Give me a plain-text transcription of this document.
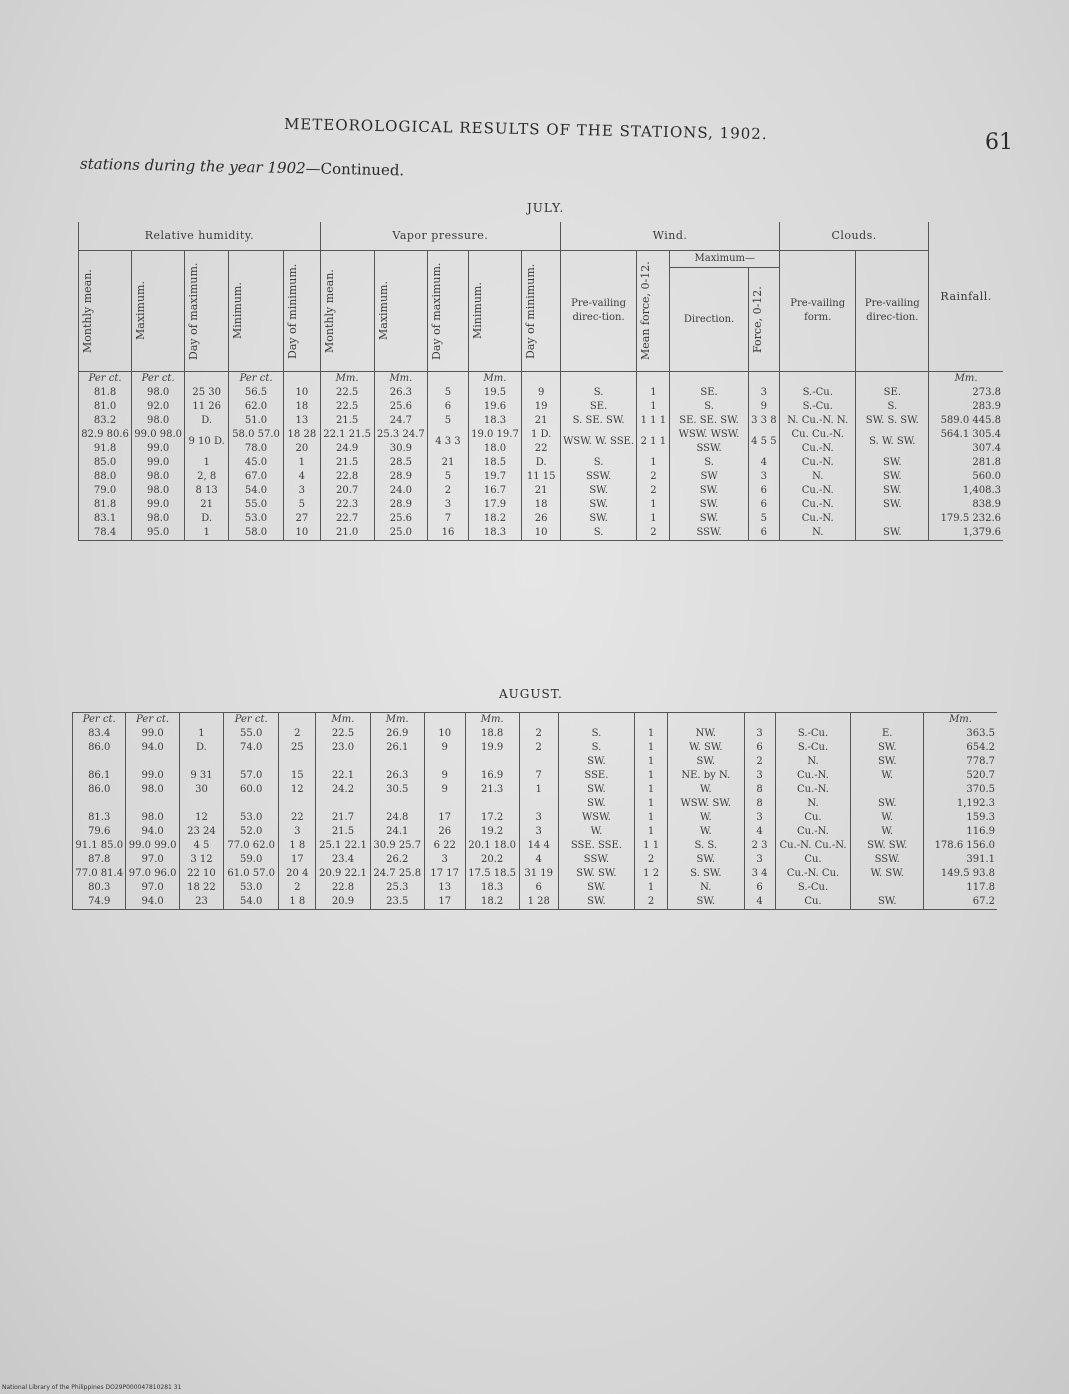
METEOROLOGICAL RESULTS OF THE STATIONS, 1902.	61
stations during the year 1902—Continued.
JULY.
Relative humidity.					Vapor pressure.					Wind.				Clouds.		Rainfall.

Monthly mean.	Maximum.	Day of maximum.	Minimum.	Day of minimum.	Monthly mean.	Maximum.	Day of maximum.	Minimum.	Day of minimum.	Pre-vailing direc-tion.	Mean force, 0-12.	Maximum—		Pre-vailing form.	Pre-vailing direc-tion.	
												Direction.	Force, 0-12.			

Per ct.	Per ct.		Per ct.		Mm.	Mm.		Mm.								Mm.
81.8	98.0	25 30	56.5	10	22.5	26.3	5	19.5	9	S.	1	SE.	3	S.-Cu.	SE.	273.8
81.0	92.0	11 26	62.0	18	22.5	25.6	6	19.6	19	SE.	1	S.	9	S.-Cu.	S.	283.9
83.2	98.0	D.	51.0	13	21.5	24.7	5	18.3	21	S. SE. SW.	1 1 1	SE. SE. SW.	3 3 8	N. Cu.-N. N.	SW. S. SW.	589.0 445.8
82.9 80.6 91.8	99.0 98.0 99.0	9 10 D.	58.0 57.0 78.0	18 28 20	22.1 21.5 24.9	25.3 24.7 30.9	4 3 3	19.0 19.7 18.0	1 D. 22	WSW. W. SSE.	2 1 1	WSW. WSW. SSW.	4 5 5	Cu. Cu.-N. Cu.-N.	S. W. SW.	564.1 305.4 307.4
85.0	99.0	1	45.0	1	21.5	28.5	21	18.5	D.	S.	1	S.	4	Cu.-N.	SW.	281.8
88.0	98.0	2, 8	67.0	4	22.8	28.9	5	19.7	11 15	SSW.	2	SW	3	N.	SW.	560.0
79.0	98.0	8 13	54.0	3	20.7	24.0	2	16.7	21	SW.	2	SW.	6	Cu.-N.	SW.	1,408.3
81.8	99.0	21	55.0	5	22.3	28.9	3	17.9	18	SW.	1	SW.	6	Cu.-N.	SW.	838.9
83.1	98.0	D.	53.0	27	22.7	25.6	7	18.2	26	SW.	1	SW.	5	Cu.-N.		179.5 232.6
78.4	95.0	1	58.0	10	21.0	25.0	16	18.3	10	S.	2	SSW.	6	N.	SW.	1,379.6
AUGUST.
Per ct.	Per ct.		Per ct.		Mm.	Mm.		Mm.								Mm.
83.4	99.0	1	55.0	2	22.5	26.9	10	18.8	2	S.	1	NW.	3	S.-Cu.	E.	363.5
86.0	94.0	D.	74.0	25	23.0	26.1	9	19.9	2	S.	1	W. SW.	6	S.-Cu.	SW.	654.2
										SW.	1	SW.	2	N.	SW.	778.7
86.1	99.0	9 31	57.0	15	22.1	26.3	9	16.9	7	SSE.	1	NE. by N.	3	Cu.-N.	W.	520.7
86.0	98.0	30	60.0	12	24.2	30.5	9	21.3	1	SW.	1	W.	8	Cu.-N.		370.5
										SW.	1	WSW. SW.	8	N.	SW.	1,192.3
81.3	98.0	12	53.0	22	21.7	24.8	17	17.2	3	WSW.	1	W.	3	Cu.	W.	159.3
79.6	94.0	23 24	52.0	3	21.5	24.1	26	19.2	3	W.	1	W.	4	Cu.-N.	W.	116.9
91.1 85.0	99.0 99.0	4 5	77.0 62.0	1 8	25.1 22.1	30.9 25.7	6 22	20.1 18.0	14 4	SSE. SSE.	1 1	S. S.	2 3	Cu.-N. Cu.-N.	SW. SW.	178.6 156.0
87.8	97.0	3 12	59.0	17	23.4	26.2	3	20.2	4	SSW.	2	SW.	3	Cu.	SSW.	391.1
77.0 81.4	97.0 96.0	22 10	61.0 57.0	20 4	20.9 22.1	24.7 25.8	17 17	17.5 18.5	31 19	SW. SW.	1 2	S. SW.	3 4	Cu.-N. Cu.	W. SW.	149.5 93.8
80.3	97.0	18 22	53.0	2	22.8	25.3	13	18.3	6	SW.	1	N.	6	S.-Cu.		117.8
74.9	94.0	23	54.0	1 8	20.9	23.5	17	18.2	1 28	SW.	2	SW.	4	Cu.	SW.	67.2
National Library of the Philippines DO29P000047810281 31
